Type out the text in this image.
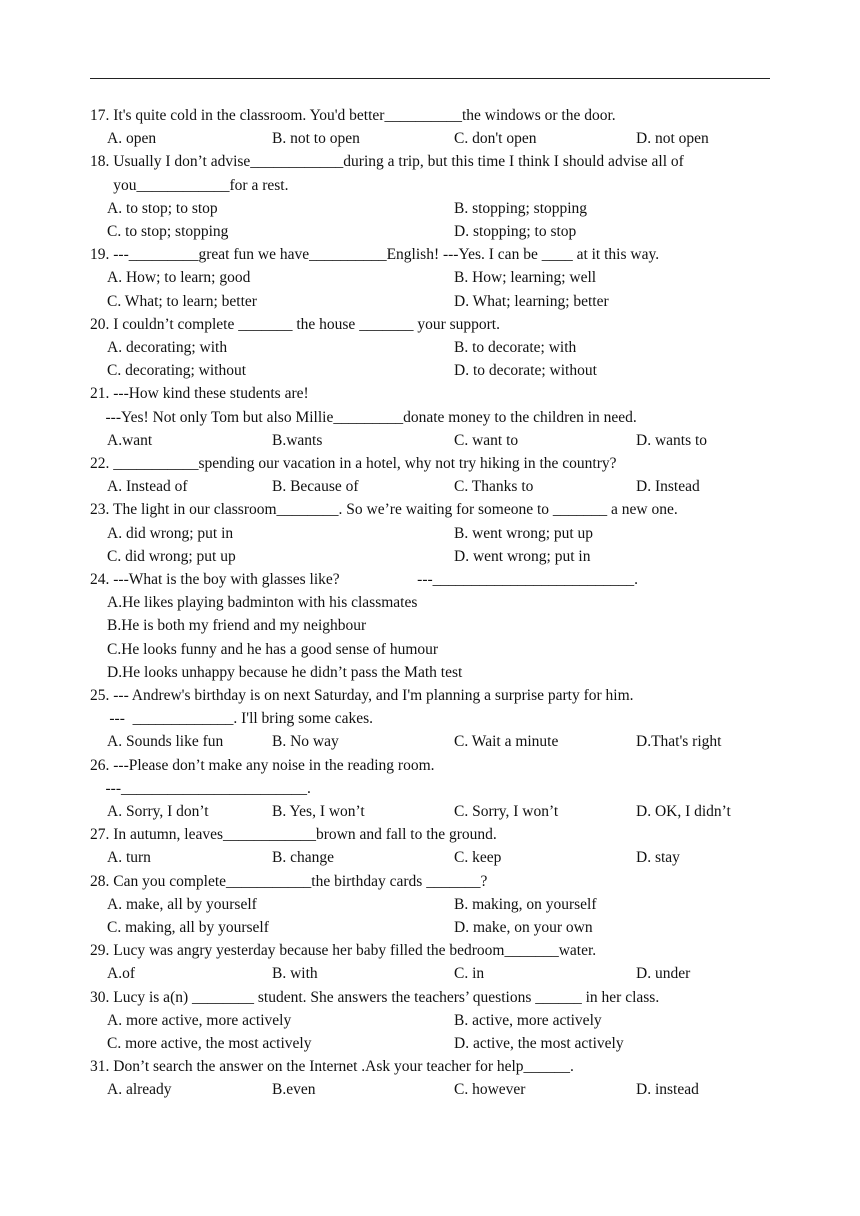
17. It's quite cold in the classroom. You'd better__________the windows or the door.
A. open	B. not to open	C. don't open	D. not open
18. Usually I don’t advise____________during a trip, but this time I think I should advise all of
you____________for a rest.
A. to stop; to stop	B. stopping; stopping
C. to stop; stopping	D. stopping; to stop
19. ---_________great fun we have__________English! ---Yes. I can be ____ at it this way.
A. How; to learn; good	B. How; learning; well
C. What; to learn; better	D. What; learning; better
20. I couldn’t complete _______ the house _______ your support.
A. decorating; with	B. to decorate; with
C. decorating; without	D. to decorate; without
21. ---How kind these students are!
---Yes! Not only Tom but also Millie_________donate money to the children in need.
A.want	B.wants	C. want to	D. wants to
22. ___________spending our vacation in a hotel, why not try hiking in the country?
A. Instead of	B. Because of	C. Thanks to	D. Instead
23. The light in our classroom________. So we’re waiting for someone to _______ a new one.
A. did wrong; put in	B. went wrong; put up
C. did wrong; put up	D. went wrong; put in
24. ---What is the boy with glasses like?                    ---__________________________.
A.He likes playing badminton with his classmates
B.He is both my friend and my neighbour
C.He looks funny and he has a good sense of humour
D.He looks unhappy because he didn’t pass the Math test
25. --- Andrew's birthday is on next Saturday, and I'm planning a surprise party for him.
---  _____________. I'll bring some cakes.
A. Sounds like fun	B. No way	C. Wait a minute	D.That's right
26. ---Please don’t make any noise in the reading room.
---________________________.
A. Sorry, I don’t	B. Yes, I won’t	C. Sorry, I won’t	D. OK, I didn’t
27. In autumn, leaves____________brown and fall to the ground.
A. turn	B. change	C. keep	D. stay
28. Can you complete___________the birthday cards _______?
A. make, all by yourself	B. making, on yourself
C. making, all by yourself	D. make, on your own
29. Lucy was angry yesterday because her baby filled the bedroom_______water.
A.of	B. with	C. in	D. under
30. Lucy is a(n) ________ student. She answers the teachers’ questions ______ in her class.
A. more active, more actively	B. active, more actively
C. more active, the most actively	D. active, the most actively
31. Don’t search the answer on the Internet .Ask your teacher for help______.
A. already	B.even	C. however	D. instead
